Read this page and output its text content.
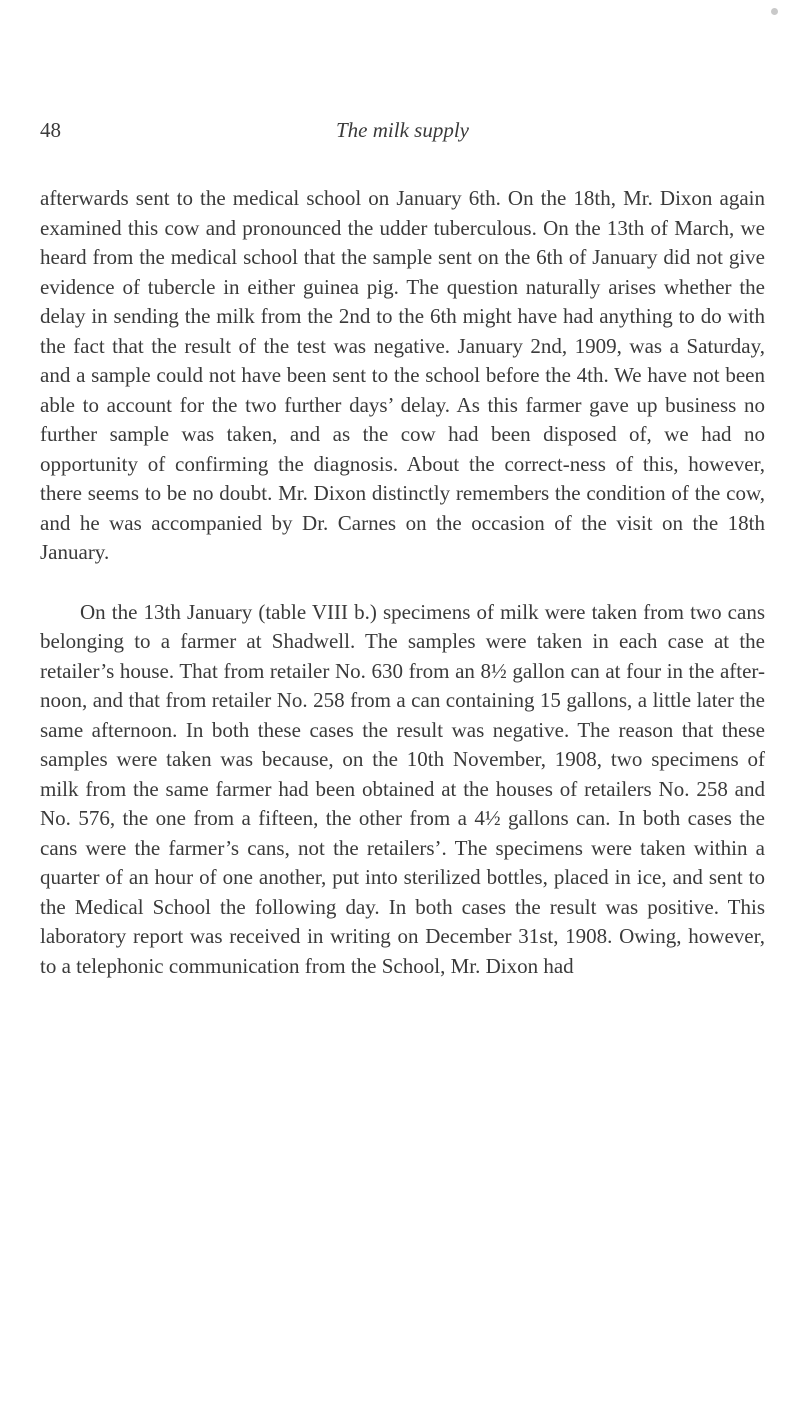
48	The milk supply

afterwards sent to the medical school on January 6th. On the 18th, Mr. Dixon again examined this cow and pronounced the udder tuberculous. On the 13th of March, we heard from the medical school that the sample sent on the 6th of January did not give evidence of tubercle in either guinea pig. The question naturally arises whether the delay in sending the milk from the 2nd to the 6th might have had anything to do with the fact that the result of the test was negative. January 2nd, 1909, was a Saturday, and a sample could not have been sent to the school before the 4th. We have not been able to account for the two further days’ delay. As this farmer gave up business no further sample was taken, and as the cow had been disposed of, we had no opportunity of confirming the diagnosis. About the correct-ness of this, however, there seems to be no doubt. Mr. Dixon distinctly remembers the condition of the cow, and he was accompanied by Dr. Carnes on the occasion of the visit on the 18th January.

On the 13th January (table VIII b.) specimens of milk were taken from two cans belonging to a farmer at Shadwell. The samples were taken in each case at the retailer’s house. That from retailer No. 630 from an 8½ gallon can at four in the after-noon, and that from retailer No. 258 from a can containing 15 gallons, a little later the same afternoon. In both these cases the result was negative. The reason that these samples were taken was because, on the 10th November, 1908, two specimens of milk from the same farmer had been obtained at the houses of retailers No. 258 and No. 576, the one from a fifteen, the other from a 4½ gallons can. In both cases the cans were the farmer’s cans, not the retailers’. The specimens were taken within a quarter of an hour of one another, put into sterilized bottles, placed in ice, and sent to the Medical School the following day. In both cases the result was positive. This laboratory report was received in writing on December 31st, 1908. Owing, however, to a telephonic communication from the School, Mr. Dixon had
